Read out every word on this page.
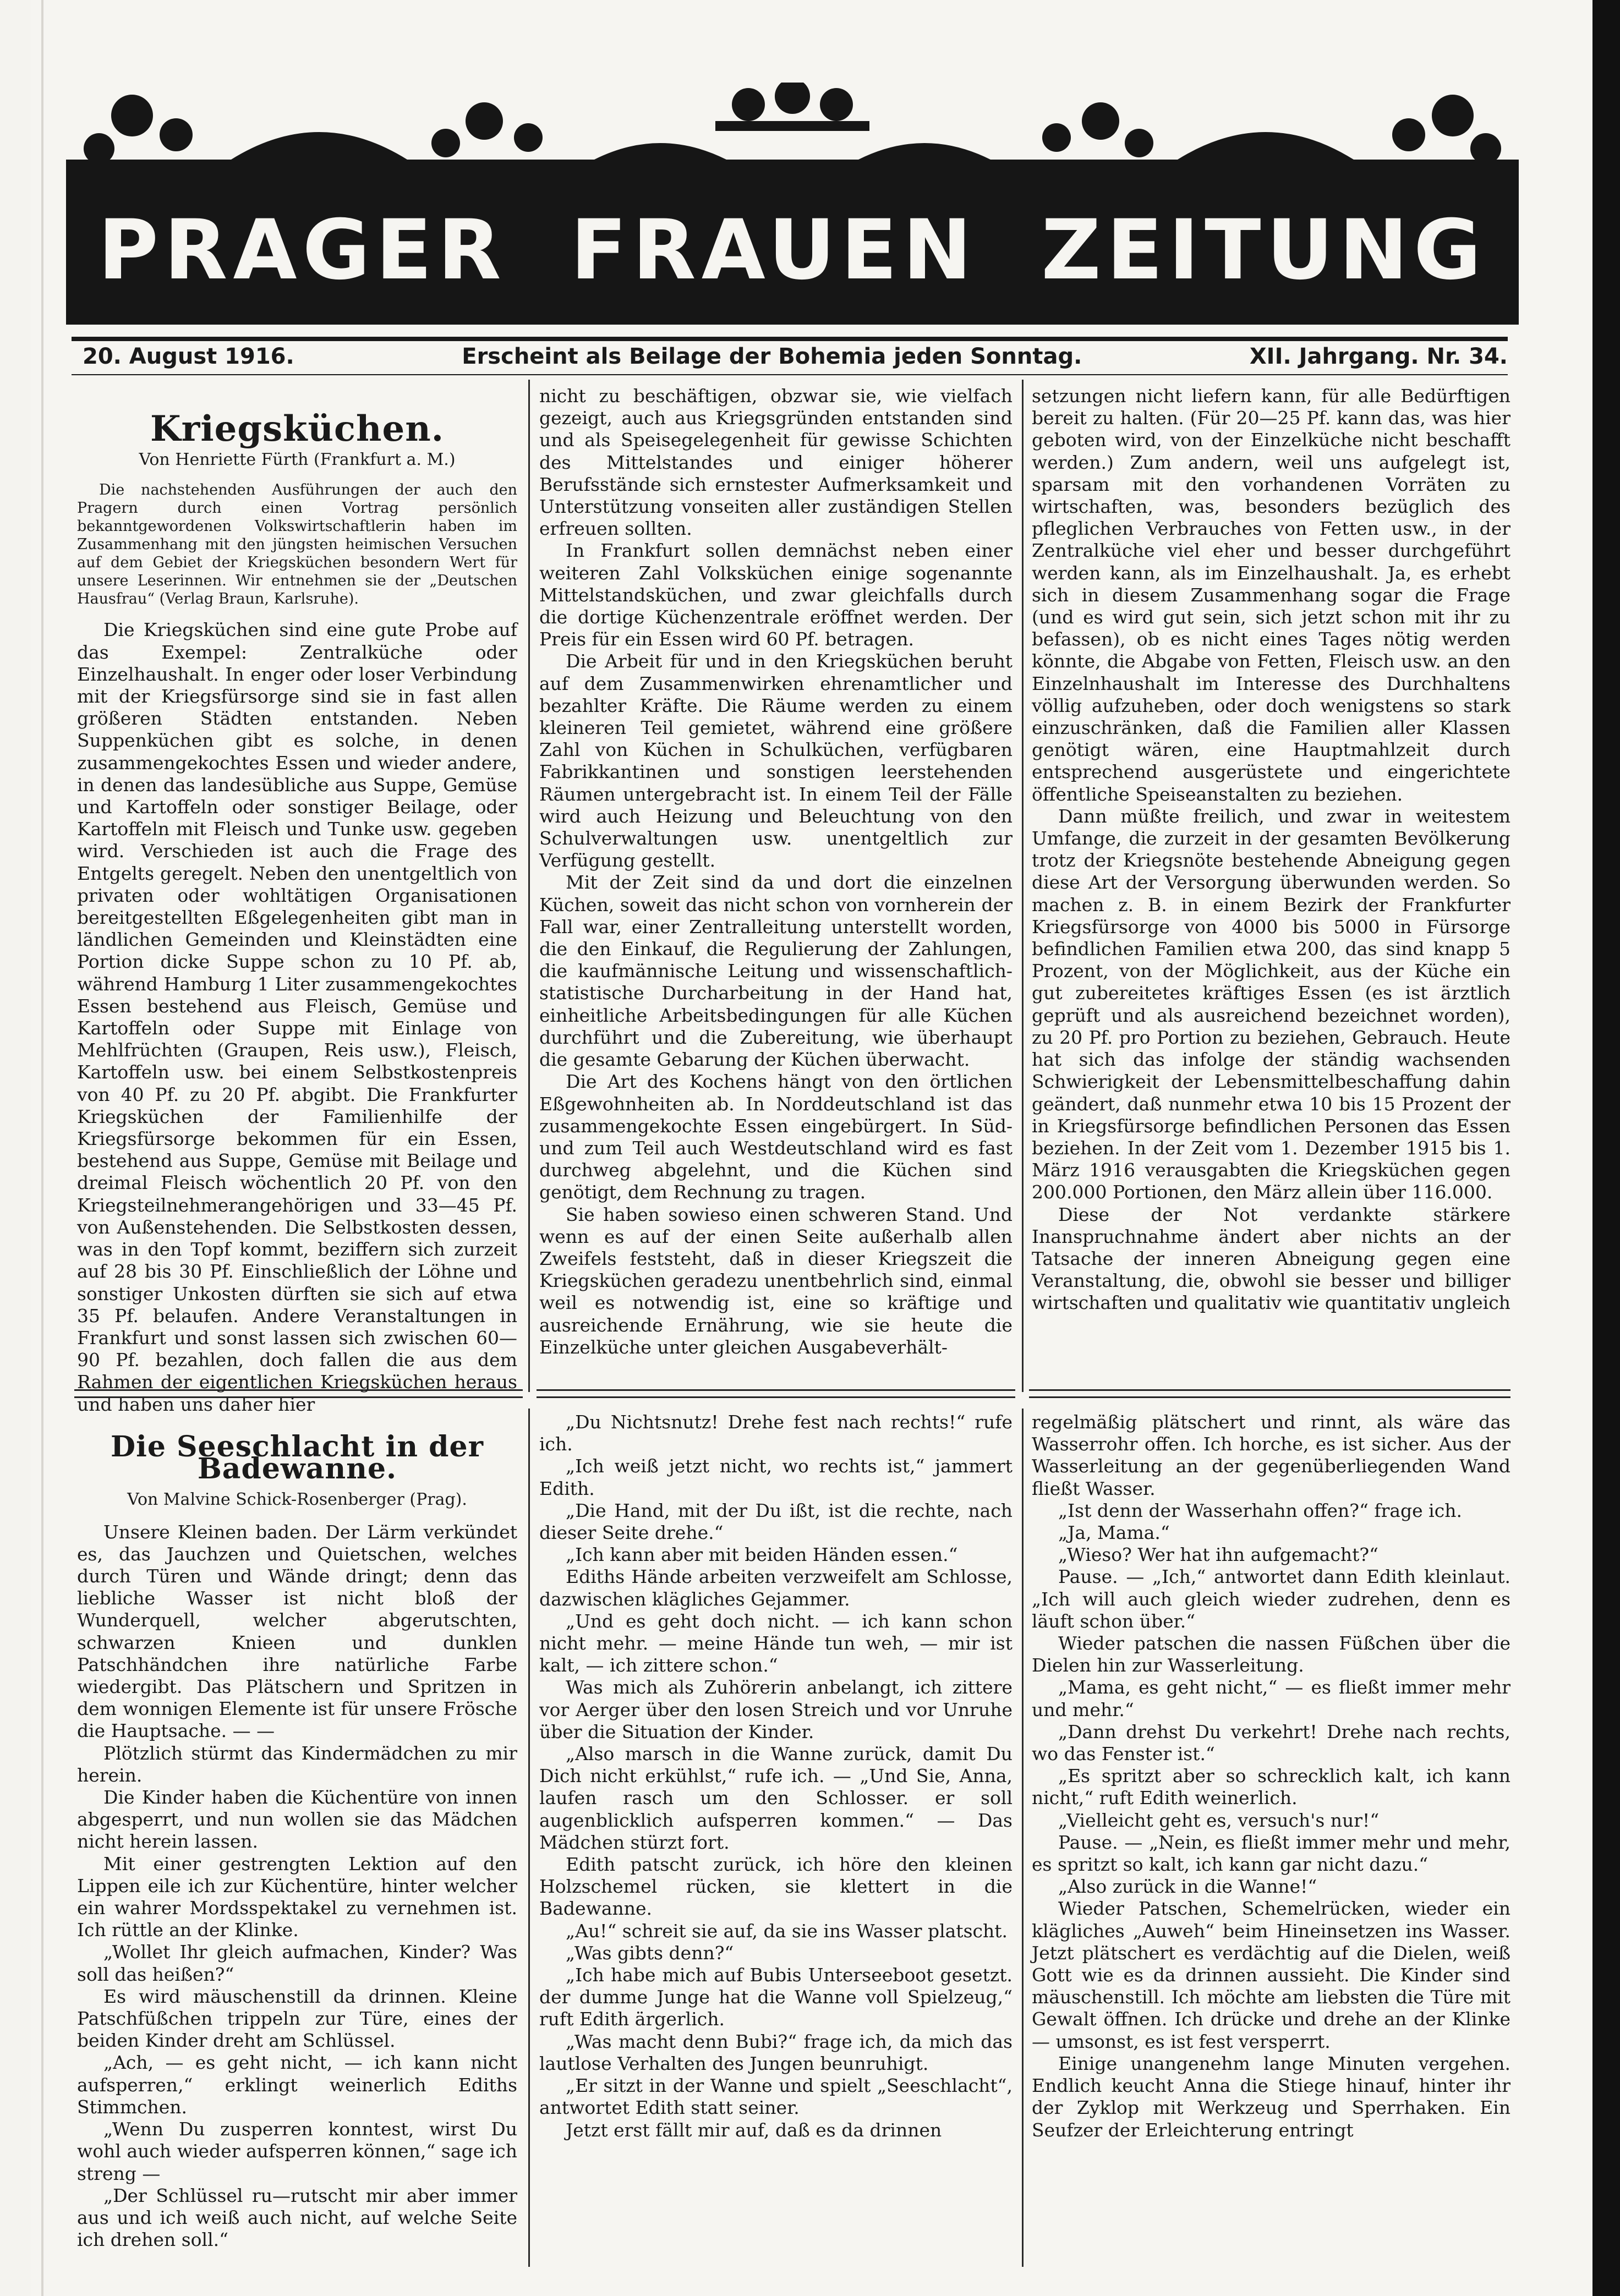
PRAGER FRAUEN ZEITUNG
20. August 1916.	Erscheint als Beilage der Bohemia jeden Sonntag.	XII. Jahrgang. Nr. 34.
Kriegsküchen.
Von Henriette Fürth (Frankfurt a. M.)
Die nachstehenden Ausführungen der auch den Pragern durch einen Vortrag persönlich bekanntgewordenen Volkswirtschaftlerin haben im Zusammenhang mit den jüngsten heimischen Versuchen auf dem Gebiet der Kriegsküchen besondern Wert für unsere Leserinnen. Wir entnehmen sie der „Deutschen Hausfrau“ (Verlag Braun, Karlsruhe).

Die Kriegsküchen sind eine gute Probe auf das Exempel: Zentralküche oder Einzelhaushalt. In enger oder loser Verbindung mit der Kriegsfürsorge sind sie in fast allen größeren Städten entstanden. Neben Suppenküchen gibt es solche, in denen zusammengekochtes Essen und wieder andere, in denen das landesübliche aus Suppe, Gemüse und Kartoffeln oder sonstiger Beilage, oder Kartoffeln mit Fleisch und Tunke usw. gegeben wird. Verschieden ist auch die Frage des Entgelts geregelt. Neben den unentgeltlich von privaten oder wohltätigen Organisationen bereitgestellten Eßgelegenheiten gibt man in ländlichen Gemeinden und Kleinstädten eine Portion dicke Suppe schon zu 10 Pf. ab, während Hamburg 1 Liter zusammengekochtes Essen bestehend aus Fleisch, Gemüse und Kartoffeln oder Suppe mit Einlage von Mehlfrüchten (Graupen, Reis usw.), Fleisch, Kartoffeln usw. bei einem Selbstkostenpreis von 40 Pf. zu 20 Pf. abgibt. Die Frankfurter Kriegsküchen der Familienhilfe der Kriegsfürsorge bekommen für ein Essen, bestehend aus Suppe, Gemüse mit Beilage und dreimal Fleisch wöchentlich 20 Pf. von den Kriegsteilnehmerangehörigen und 33—45 Pf. von Außenstehenden. Die Selbstkosten dessen, was in den Topf kommt, beziffern sich zurzeit auf 28 bis 30 Pf. Einschließlich der Löhne und sonstiger Unkosten dürften sie sich auf etwa 35 Pf. belaufen. Andere Veranstaltungen in Frankfurt und sonst lassen sich zwischen 60—90 Pf. bezahlen, doch fallen die aus dem Rahmen der eigentlichen Kriegsküchen heraus und haben uns daher hier

nicht zu beschäftigen, obzwar sie, wie vielfach gezeigt, auch aus Kriegsgründen entstanden sind und als Speisegelegenheit für gewisse Schichten des Mittelstandes und einiger höherer Berufsstände sich ernstester Aufmerksamkeit und Unterstützung vonseiten aller zuständigen Stellen erfreuen sollten.

In Frankfurt sollen demnächst neben einer weiteren Zahl Volksküchen einige sogenannte Mittelstandsküchen, und zwar gleichfalls durch die dortige Küchenzentrale eröffnet werden. Der Preis für ein Essen wird 60 Pf. betragen.

Die Arbeit für und in den Kriegsküchen beruht auf dem Zusammenwirken ehrenamtlicher und bezahlter Kräfte. Die Räume werden zu einem kleineren Teil gemietet, während eine größere Zahl von Küchen in Schulküchen, verfügbaren Fabrikkantinen und sonstigen leerstehenden Räumen untergebracht ist. In einem Teil der Fälle wird auch Heizung und Beleuchtung von den Schulverwaltungen usw. unentgeltlich zur Verfügung gestellt.

Mit der Zeit sind da und dort die einzelnen Küchen, soweit das nicht schon von vornherein der Fall war, einer Zentralleitung unterstellt worden, die den Einkauf, die Regulierung der Zahlungen, die kaufmännische Leitung und wissenschaftlich-statistische Durcharbeitung in der Hand hat, einheitliche Arbeitsbedingungen für alle Küchen durchführt und die Zubereitung, wie überhaupt die gesamte Gebarung der Küchen überwacht.

Die Art des Kochens hängt von den örtlichen Eßgewohnheiten ab. In Norddeutschland ist das zusammengekochte Essen eingebürgert. In Süd- und zum Teil auch Westdeutschland wird es fast durchweg abgelehnt, und die Küchen sind genötigt, dem Rechnung zu tragen.

Sie haben sowieso einen schweren Stand. Und wenn es auf der einen Seite außerhalb allen Zweifels feststeht, daß in dieser Kriegszeit die Kriegsküchen geradezu unentbehrlich sind, einmal weil es notwendig ist, eine so kräftige und ausreichende Ernährung, wie sie heute die Einzelküche unter gleichen Ausgabeverhält-

setzungen nicht liefern kann, für alle Bedürftigen bereit zu halten. (Für 20—25 Pf. kann das, was hier geboten wird, von der Einzelküche nicht beschafft werden.) Zum andern, weil uns aufgelegt ist, sparsam mit den vorhandenen Vorräten zu wirtschaften, was, besonders bezüglich des pfleglichen Verbrauches von Fetten usw., in der Zentralküche viel eher und besser durchgeführt werden kann, als im Einzelhaushalt. Ja, es erhebt sich in diesem Zusammenhang sogar die Frage (und es wird gut sein, sich jetzt schon mit ihr zu befassen), ob es nicht eines Tages nötig werden könnte, die Abgabe von Fetten, Fleisch usw. an den Einzelnhaushalt im Interesse des Durchhaltens völlig aufzuheben, oder doch wenigstens so stark einzuschränken, daß die Familien aller Klassen genötigt wären, eine Hauptmahlzeit durch entsprechend ausgerüstete und eingerichtete öffentliche Speiseanstalten zu beziehen.

Dann müßte freilich, und zwar in weitestem Umfange, die zurzeit in der gesamten Bevölkerung trotz der Kriegsnöte bestehende Abneigung gegen diese Art der Versorgung überwunden werden. So machen z. B. in einem Bezirk der Frankfurter Kriegsfürsorge von 4000 bis 5000 in Fürsorge befindlichen Familien etwa 200, das sind knapp 5 Prozent, von der Möglichkeit, aus der Küche ein gut zubereitetes kräftiges Essen (es ist ärztlich geprüft und als ausreichend bezeichnet worden), zu 20 Pf. pro Portion zu beziehen, Gebrauch. Heute hat sich das infolge der ständig wachsenden Schwierigkeit der Lebensmittelbeschaffung dahin geändert, daß nunmehr etwa 10 bis 15 Prozent der in Kriegsfürsorge befindlichen Personen das Essen beziehen. In der Zeit vom 1. Dezember 1915 bis 1. März 1916 verausgabten die Kriegsküchen gegen 200.000 Portionen, den März allein über 116.000.

Diese der Not verdankte stärkere Inanspruchnahme ändert aber nichts an der Tatsache der inneren Abneigung gegen eine Veranstaltung, die, obwohl sie besser und billiger wirtschaften und qualitativ wie quantitativ ungleich

Die Seeschlacht in der Badewanne.
Von Malvine Schick-Rosenberger (Prag).

Unsere Kleinen baden. Der Lärm verkündet es, das Jauchzen und Quietschen, welches durch Türen und Wände dringt; denn das liebliche Wasser ist nicht bloß der Wunderquell, welcher abgerutschten, schwarzen Knieen und dunklen Patschhändchen ihre natürliche Farbe wiedergibt. Das Plätschern und Spritzen in dem wonnigen Elemente ist für unsere Frösche die Hauptsache. — —

Plötzlich stürmt das Kindermädchen zu mir herein.

Die Kinder haben die Küchentüre von innen abgesperrt, und nun wollen sie das Mädchen nicht herein lassen.

Mit einer gestrengten Lektion auf den Lippen eile ich zur Küchentüre, hinter welcher ein wahrer Mordsspektakel zu vernehmen ist. Ich rüttle an der Klinke.

„Wollet Ihr gleich aufmachen, Kinder? Was soll das heißen?“

Es wird mäuschenstill da drinnen. Kleine Patschfüßchen trippeln zur Türe, eines der beiden Kinder dreht am Schlüssel.

„Ach, — es geht nicht, — ich kann nicht aufsperren,“ erklingt weinerlich Ediths Stimmchen.

„Wenn Du zusperren konntest, wirst Du wohl auch wieder aufsperren können,“ sage ich streng —

„Der Schlüssel ru—rutscht mir aber immer aus und ich weiß auch nicht, auf welche Seite ich drehen soll.“

„Du Nichtsnutz! Drehe fest nach rechts!“ rufe ich.

„Ich weiß jetzt nicht, wo rechts ist,“ jammert Edith.

„Die Hand, mit der Du ißt, ist die rechte, nach dieser Seite drehe.“

„Ich kann aber mit beiden Händen essen.“

Ediths Hände arbeiten verzweifelt am Schlosse, dazwischen klägliches Gejammer.

„Und es geht doch nicht. — ich kann schon nicht mehr. — meine Hände tun weh, — mir ist kalt, — ich zittere schon.“

Was mich als Zuhörerin anbelangt, ich zittere vor Aerger über den losen Streich und vor Unruhe über die Situation der Kinder.

„Also marsch in die Wanne zurück, damit Du Dich nicht erkühlst,“ rufe ich. — „Und Sie, Anna, laufen rasch um den Schlosser. er soll augenblicklich aufsperren kommen.“ — Das Mädchen stürzt fort.

Edith patscht zurück, ich höre den kleinen Holzschemel rücken, sie klettert in die Badewanne.

„Au!“ schreit sie auf, da sie ins Wasser platscht.

„Was gibts denn?“

„Ich habe mich auf Bubis Unterseeboot gesetzt. der dumme Junge hat die Wanne voll Spielzeug,“ ruft Edith ärgerlich.

„Was macht denn Bubi?“ frage ich, da mich das lautlose Verhalten des Jungen beunruhigt.

„Er sitzt in der Wanne und spielt „Seeschlacht“, antwortet Edith statt seiner.

Jetzt erst fällt mir auf, daß es da drinnen

regelmäßig plätschert und rinnt, als wäre das Wasserrohr offen. Ich horche, es ist sicher. Aus der Wasserleitung an der gegenüberliegenden Wand fließt Wasser.

„Ist denn der Wasserhahn offen?“ frage ich.

„Ja, Mama.“

„Wieso? Wer hat ihn aufgemacht?“

Pause. — „Ich,“ antwortet dann Edith kleinlaut. „Ich will auch gleich wieder zudrehen, denn es läuft schon über.“

Wieder patschen die nassen Füßchen über die Dielen hin zur Wasserleitung.

„Mama, es geht nicht,“ — es fließt immer mehr und mehr.“

„Dann drehst Du verkehrt! Drehe nach rechts, wo das Fenster ist.“

„Es spritzt aber so schrecklich kalt, ich kann nicht,“ ruft Edith weinerlich.

„Vielleicht geht es, versuch's nur!“

Pause. — „Nein, es fließt immer mehr und mehr, es spritzt so kalt, ich kann gar nicht dazu.“

„Also zurück in die Wanne!“

Wieder Patschen, Schemelrücken, wieder ein klägliches „Auweh“ beim Hineinsetzen ins Wasser. Jetzt plätschert es verdächtig auf die Dielen, weiß Gott wie es da drinnen aussieht. Die Kinder sind mäuschenstill. Ich möchte am liebsten die Türe mit Gewalt öffnen. Ich drücke und drehe an der Klinke — umsonst, es ist fest versperrt.

Einige unangenehm lange Minuten vergehen. Endlich keucht Anna die Stiege hinauf, hinter ihr der Zyklop mit Werkzeug und Sperrhaken. Ein Seufzer der Erleichterung entringt
